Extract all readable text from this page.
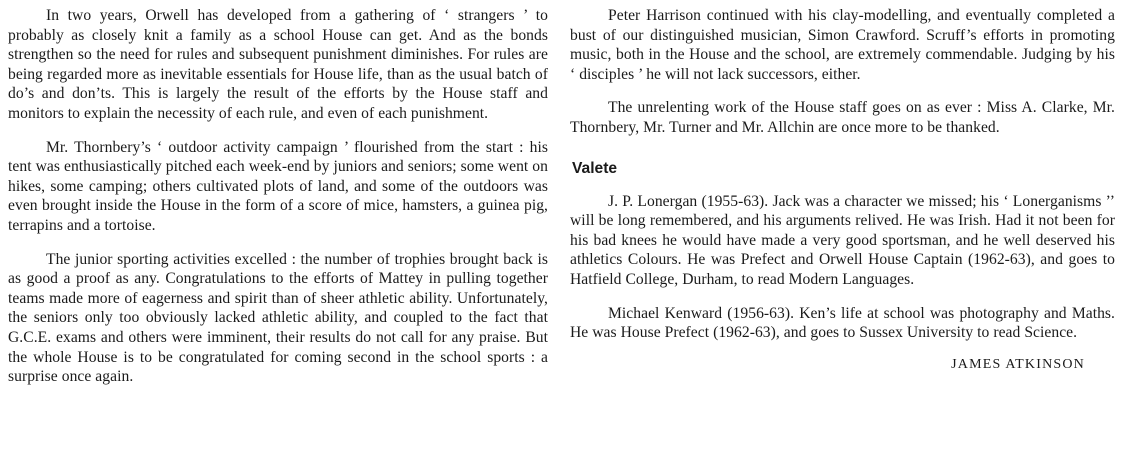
In two years, Orwell has developed from a gathering of ‘ strangers ’ to probably as closely knit a family as a school House can get. And as the bonds strengthen so the need for rules and subsequent punishment diminishes. For rules are being regarded more as inevitable essentials for House life, than as the usual batch of do’s and don’ts. This is largely the result of the efforts by the House staff and monitors to explain the necessity of each rule, and even of each punishment.

Mr. Thornbery’s ‘ outdoor activity campaign ’ flourished from the start : his tent was enthusiastically pitched each week-end by juniors and seniors; some went on hikes, some camping; others cultivated plots of land, and some of the outdoors was even brought inside the House in the form of a score of mice, hamsters, a guinea pig, terrapins and a tortoise.

The junior sporting activities excelled : the number of trophies brought back is as good a proof as any. Congratulations to the efforts of Mattey in pulling together teams made more of eagerness and spirit than of sheer athletic ability. Unfortunately, the seniors only too obviously lacked athletic ability, and coupled to the fact that G.C.E. exams and others were imminent, their results do not call for any praise. But the whole House is to be congratulated for coming second in the school sports : a surprise once again.

Peter Harrison continued with his clay-modelling, and eventually completed a bust of our distinguished musician, Simon Crawford. Scruff’s efforts in promoting music, both in the House and the school, are extremely commendable. Judging by his ‘ disciples ’ he will not lack successors, either.

The unrelenting work of the House staff goes on as ever : Miss A. Clarke, Mr. Thornbery, Mr. Turner and Mr. Allchin are once more to be thanked.

Valete

J. P. Lonergan (1955-63). Jack was a character we missed; his ‘ Lonerganisms ’’ will be long remembered, and his arguments relived. He was Irish. Had it not been for his bad knees he would have made a very good sportsman, and he well deserved his athletics Colours. He was Prefect and Orwell House Captain (1962-63), and goes to Hatfield College, Durham, to read Modern Languages.

Michael Kenward (1956-63). Ken’s life at school was photography and Maths. He was House Prefect (1962-63), and goes to Sussex University to read Science.

JAMES ATKINSON
